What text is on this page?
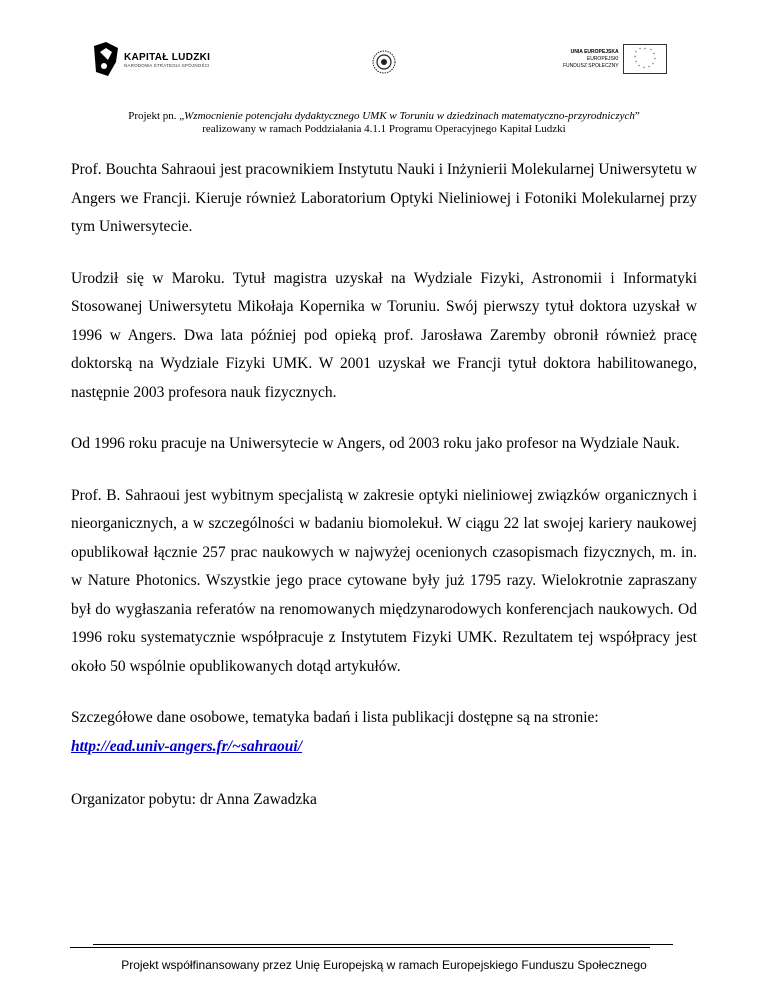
KAPITAŁ LUDZKI
NARODOWA STRATEGIA SPÓJNOŚCI
UNIA EUROPEJSKA
EUROPEJSKI
FUNDUSZ SPOŁECZNY
* *
*
*
*
*
*
*
*
*
*
*
Projekt pn. „Wzmocnienie potencjału dydaktycznego UMK w Toruniu w dziedzinach matematyczno-przyrodniczych”
realizowany w ramach Poddziałania 4.1.1 Programu Operacyjnego Kapitał Ludzki

Prof. Bouchta Sahraoui jest pracownikiem Instytutu Nauki i Inżynierii Molekularnej Uniwersytetu w Angers we Francji. Kieruje również Laboratorium Optyki Nieliniowej i Fotoniki Molekularnej przy tym Uniwersytecie.

Urodził się w Maroku. Tytuł magistra uzyskał na Wydziale Fizyki, Astronomii i Informatyki Stosowanej Uniwersytetu Mikołaja Kopernika w Toruniu. Swój pierwszy tytuł doktora uzyskał w 1996 w Angers. Dwa lata później pod opieką prof. Jarosława Zaremby obronił również pracę doktorską na Wydziale Fizyki UMK. W 2001 uzyskał we Francji tytuł doktora habilitowanego, następnie 2003 profesora nauk fizycznych.

Od 1996 roku pracuje na Uniwersytecie w Angers, od 2003 roku jako profesor na Wydziale Nauk.

Prof. B. Sahraoui jest wybitnym specjalistą w zakresie optyki nieliniowej związków organicznych i nieorganicznych, a w szczególności w badaniu biomolekuł. W ciągu 22 lat swojej kariery naukowej opublikował łącznie 257 prac naukowych w najwyżej ocenionych czasopismach fizycznych, m. in. w Nature Photonics. Wszystkie jego prace cytowane były już 1795 razy. Wielokrotnie zapraszany był do wygłaszania referatów na renomowanych międzynarodowych konferencjach naukowych. Od 1996 roku systematycznie współpracuje z Instytutem Fizyki UMK. Rezultatem tej współpracy jest około 50 wspólnie opublikowanych dotąd artykułów.

Szczegółowe dane osobowe, tematyka badań i lista publikacji dostępne są na stronie:
http://ead.univ-angers.fr/~sahraoui/

Organizator pobytu: dr Anna Zawadzka
Projekt współfinansowany przez Unię Europejską w ramach Europejskiego Funduszu Społecznego
